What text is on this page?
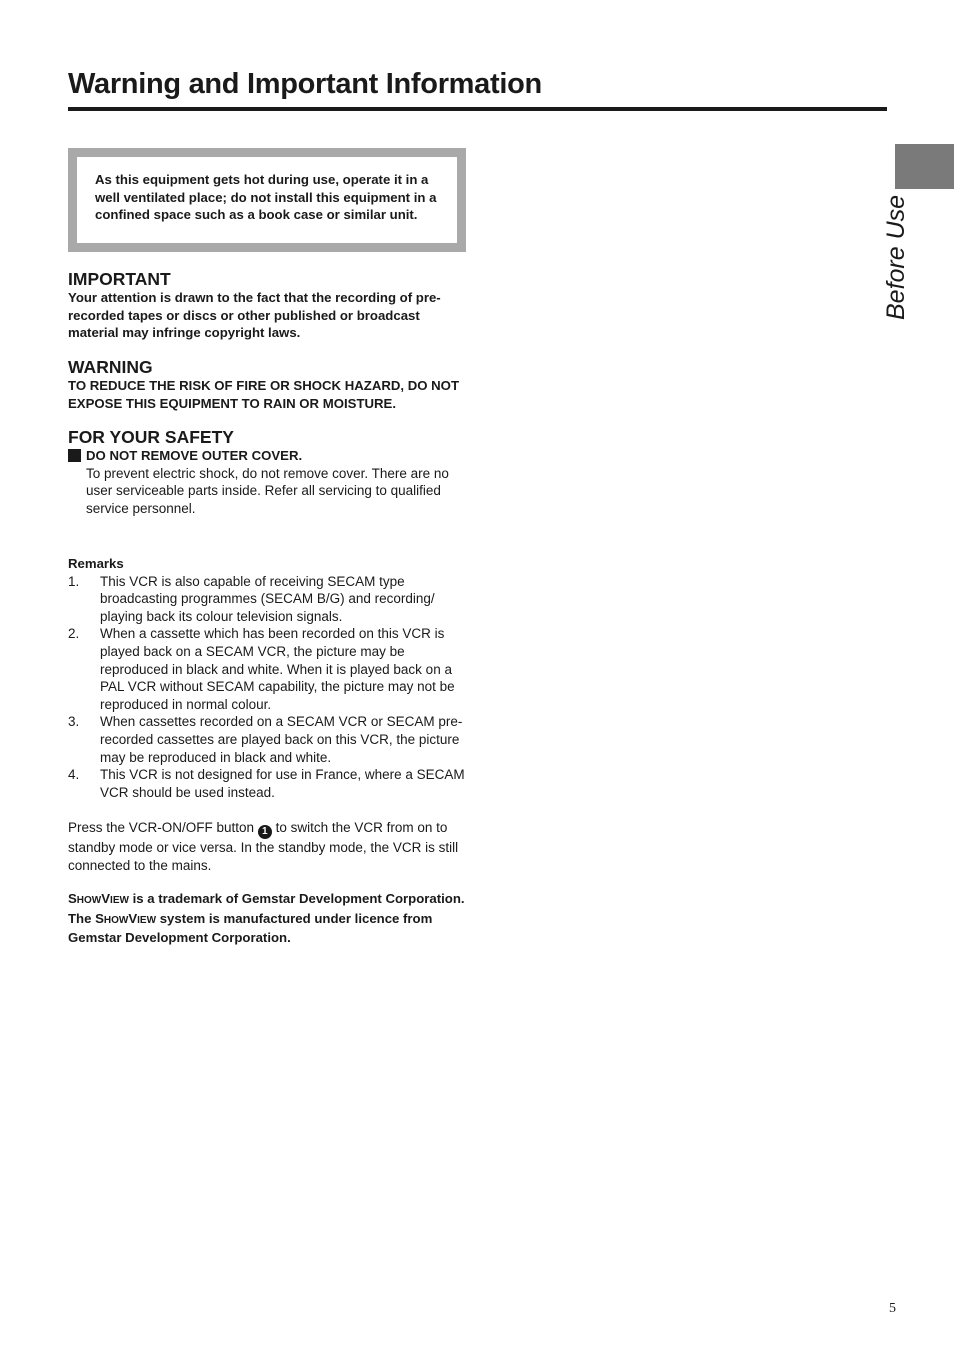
Warning and Important Information
Before Use
As this equipment gets hot during use, operate it in a well ventilated place; do not install this equipment in a confined space such as a book case or similar unit.
IMPORTANT
Your attention is drawn to the fact that the recording of pre-recorded tapes or discs or other published or broadcast material may infringe copyright laws.
WARNING
TO REDUCE THE RISK OF FIRE OR SHOCK HAZARD, DO NOT EXPOSE THIS EQUIPMENT TO RAIN OR MOISTURE.
FOR YOUR SAFETY
DO NOT REMOVE OUTER COVER.
To prevent electric shock, do not remove cover. There are no user serviceable parts inside. Refer all servicing to qualified service personnel.
Remarks
1. This VCR is also capable of receiving SECAM type broadcasting programmes (SECAM B/G) and recording/ playing back its colour television signals.
2. When a cassette which has been recorded on this VCR is played back on a SECAM VCR, the picture may be reproduced in black and white. When it is played back on a PAL VCR without SECAM capability, the picture may not be reproduced in normal colour.
3. When cassettes recorded on a SECAM VCR or SECAM pre-recorded cassettes are played back on this VCR, the picture may be reproduced in black and white.
4. This VCR is not designed for use in France, where a SECAM VCR should be used instead.
Press the VCR-ON/OFF button 1 to switch the VCR from on to standby mode or vice versa. In the standby mode, the VCR is still connected to the mains.
SHOWVIEW is a trademark of Gemstar Development Corporation. The SHOWVIEW system is manufactured under licence from Gemstar Development Corporation.
5
